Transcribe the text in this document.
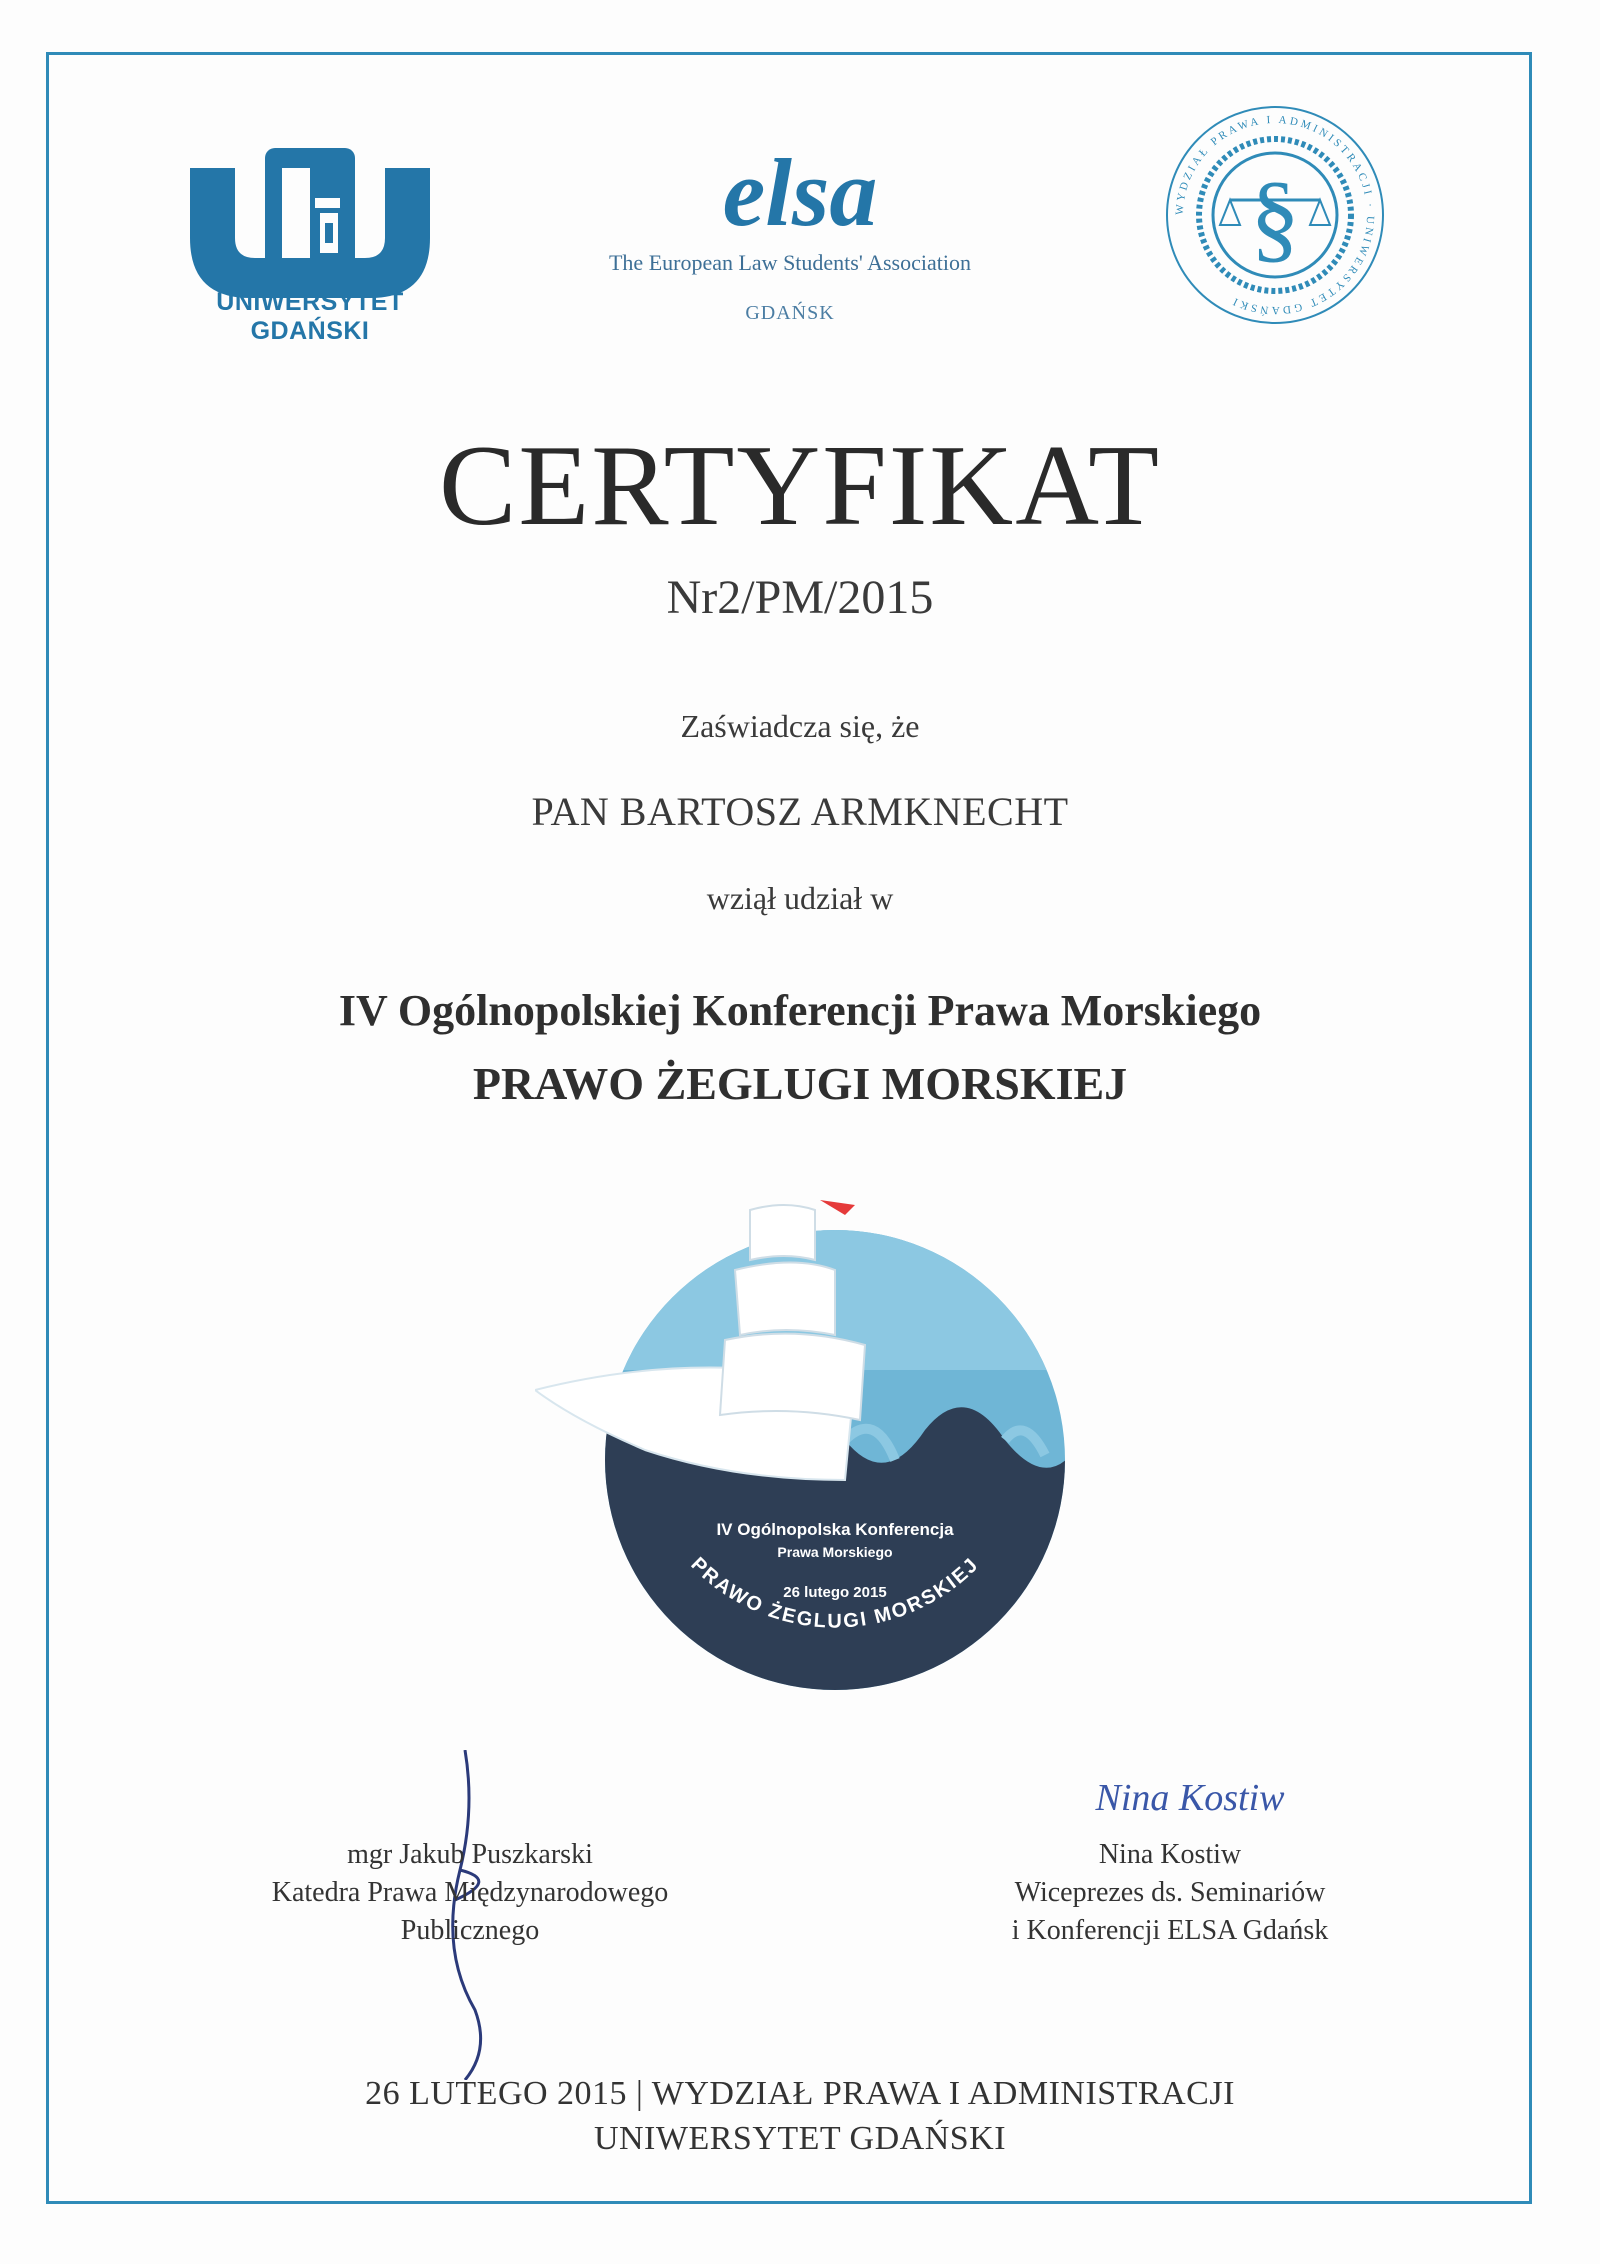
UNIWERSYTET GDAŃSKI
elsa
The European Law Students' Association
GDAŃSK
WYDZIAŁ PRAWA I ADMINISTRACJI · UNIWERSYTET GDAŃSKI
§
CERTYFIKAT
Nr2/PM/2015
Zaświadcza się, że
PAN BARTOSZ ARMKNECHT
wziął udział w
IV Ogólnopolskiej Konferencji Prawa Morskiego
PRAWO ŻEGLUGI MORSKIEJ
IV Ogólnopolska Konferencja
Prawa Morskiego
26 lutego 2015
PRAWO ŻEGLUGI MORSKIEJ
mgr Jakub Puszkarski
Katedra Prawa Międzynarodowego
Publicznego
Nina Kostiw
Nina Kostiw
Wiceprezes ds. Seminariów
i Konferencji ELSA Gdańsk
26 LUTEGO 2015 | WYDZIAŁ PRAWA I ADMINISTRACJI
UNIWERSYTET GDAŃSKI
